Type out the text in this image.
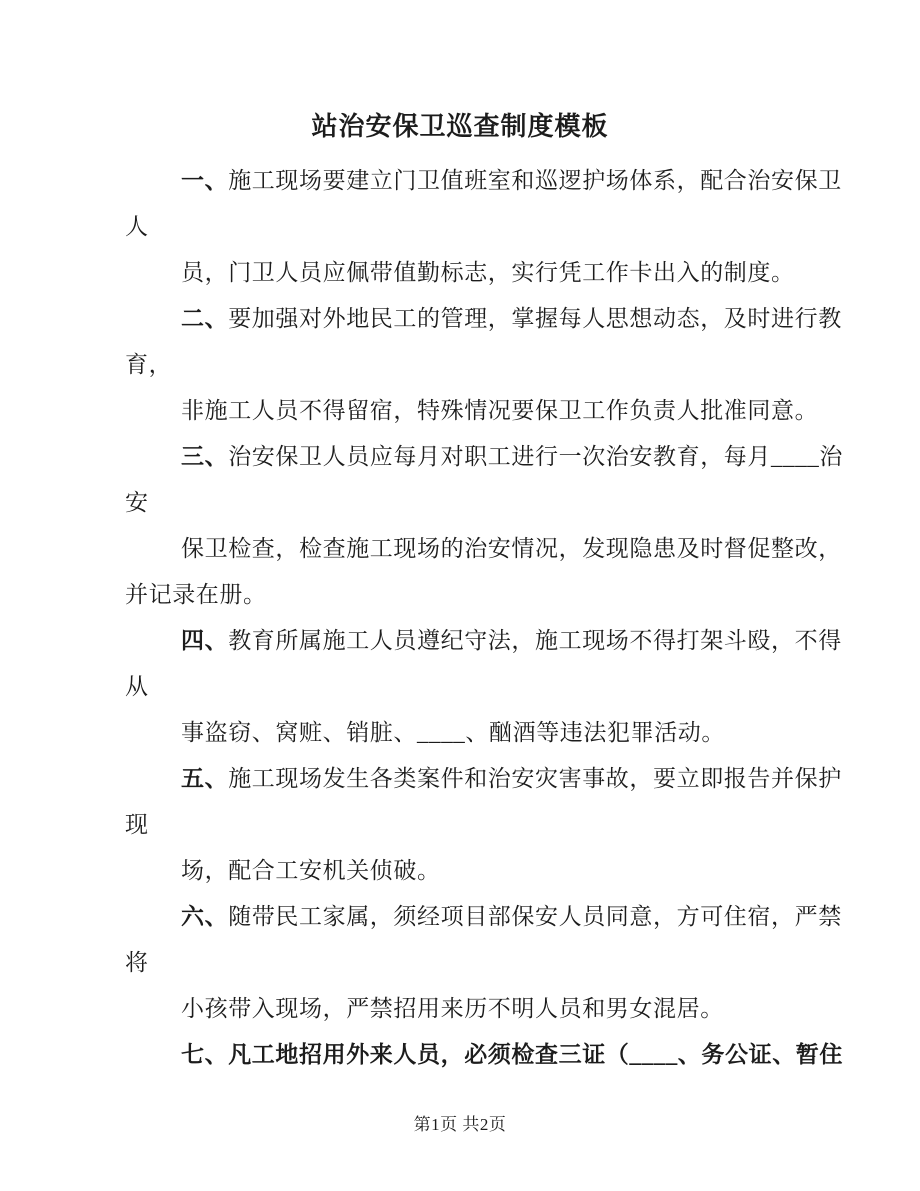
站治安保卫巡查制度模板
一、施工现场要建立门卫值班室和巡逻护场体系，配合治安保卫
人
员，门卫人员应佩带值勤标志，实行凭工作卡出入的制度。
二、要加强对外地民工的管理，掌握每人思想动态，及时进行教
育，
非施工人员不得留宿，特殊情况要保卫工作负责人批准同意。
三、治安保卫人员应每月对职工进行一次治安教育，每月____治
安
保卫检查，检查施工现场的治安情况，发现隐患及时督促整改，
并记录在册。
四、教育所属施工人员遵纪守法，施工现场不得打架斗殴，不得
从
事盗窃、窝赃、销脏、____、酗酒等违法犯罪活动。
五、施工现场发生各类案件和治安灾害事故，要立即报告并保护
现
场，配合工安机关侦破。
六、随带民工家属，须经项目部保安人员同意，方可住宿，严禁
将
小孩带入现场，严禁招用来历不明人员和男女混居。
七、凡工地招用外来人员，必须检查三证（____、务公证、暂住
第1页 共2页
